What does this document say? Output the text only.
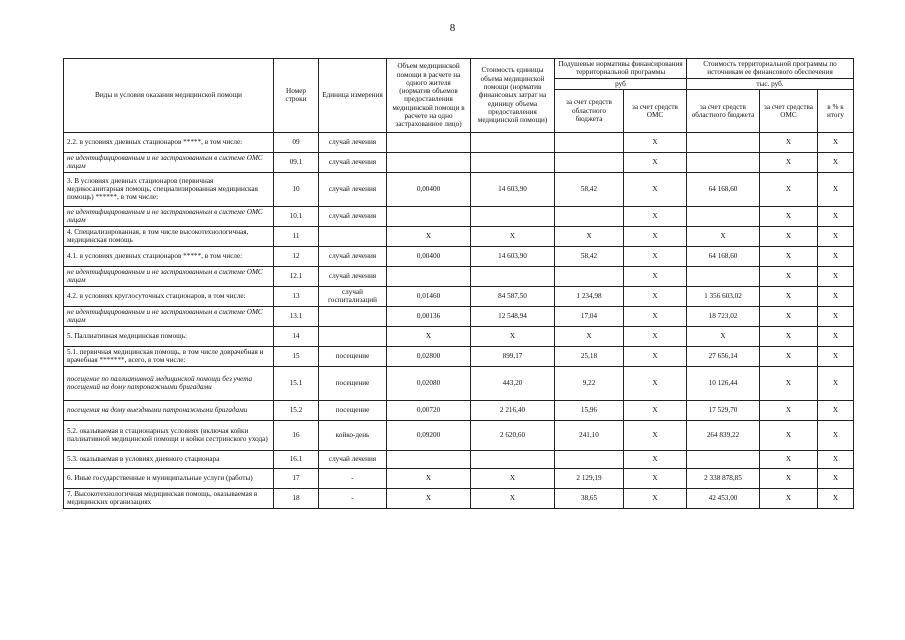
8
Виды и условия оказания медицинской помощи	Номер строки	Единица измерения	Объем медицинской помощи в расчете на одного жителя (норматив объемов предоставления медицинской помощи в расчете на одно застрахованное лицо)	Стоимость единицы объема медицинской помощи (норматив финансовых затрат на единицу объема предоставления медицинской помощи)	Подушевые нормативы финансирования территориальной программы		Стоимость территориальной программы по источникам ее финансового обеспечения		
					руб		тыс. руб.		
					за счет средств областного бюджета	за счет средств ОМС	за счет средств областного бюджета	за счет средства ОМС	в % к итогу
2.2. в условиях дневных стационаров *****, в том числе:	09	случай лечения				X		X	X
не идентифицированным и не застрахованным в системе ОМС лицам	09.1	случай лечения				X		X	X
3. В условиях дневных стационаров (первичная медикосанитарная помощь, специализированная медицинская помощь) ******, в том числе:	10	случай лечения	0,00400	14 603,90	58,42	X	64 168,60	X	X
не идентифицированным и не застрахованным в системе ОМС лицам	10.1	случай лечения				X		X	X
4. Специализированная, в том числе высокотехнологичная, медицинская помощь	11		X	X	X	X	X	X	X
4.1. в условиях дневных стационаров *****, в том числе:	12	случай лечения	0,00400	14 603,90	58,42	X	64 168,60	X	X
не идентифицированным и не застрахованным в системе ОМС лицам	12.1	случай лечения				X		X	X
4.2. в условиях круглосуточных стационаров, в том числе:	13	случай госпитализаций	0,01460	84 587,50	1 234,98	X	1 356 603,02	X	X
не идентифицированным и не застрахованным в системе ОМС лицам	13.1		0,00136	12 548,94	17,04	X	18 723,02	X	X
5. Паллиативная медицинская помощь:	14		X	X	X	X	X	X	X
5.1. первичная медицинская помощь, в том числе доврачебная и врачебная *******, всего, в том числе:	15	посещение	0,02800	899,17	25,18	X	27 656,14	X	X
посещение по паллиативной медицинской помощи без учета посещений на дому патронажными бригадами	15.1	посещение	0,02080	443,20	9,22	X	10 126,44	X	X
посещения на дому выездными патронажными бригадами	15.2	посещение	0,00720	2 216,40	15,96	X	17 529,70	X	X
5.2. оказываемая в стационарных условиях (включая койки паллиативной медицинской помощи и койки сестринского ухода)	16	койко-день	0,09200	2 620,60	241,10	X	264 839,22	X	X
5.3. оказываемая в условиях дневного стационара	16.1	случай лечения				X		X	X
6. Иные государственные и муниципальные услуги (работы)	17	-	X	X	2 129,19	X	2 338 878,85	X	X
7. Высокотехнологичная медицинская помощь, оказываемая в медицинских организациях	18	-	X	X	38,65	X	42 453,00	X	X
